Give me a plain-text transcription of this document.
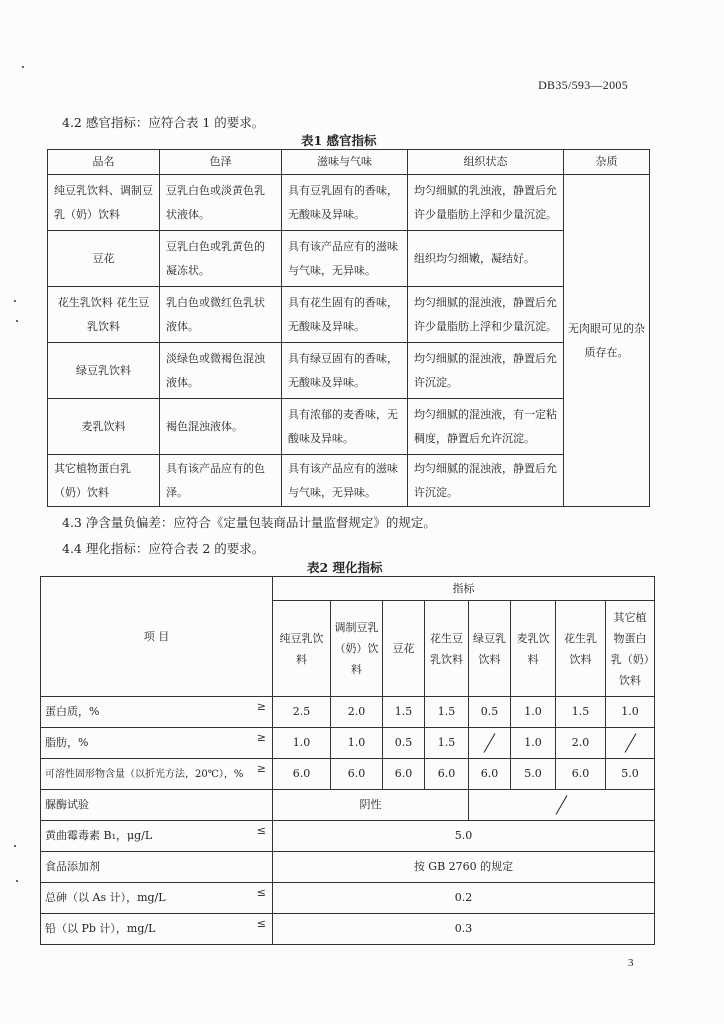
DB35/593—2005
4.2 感官指标：应符合表 1 的要求。
表1 感官指标
品名	色泽	滋味与气味	组织状态	杂质
纯豆乳饮料、调制豆乳（奶）饮料	豆乳白色或淡黄色乳状液体。	具有豆乳固有的香味，无酸味及异味。	均匀细腻的乳浊液，静置后允许少量脂肪上浮和少量沉淀。	无肉眼可见的杂质存在。
豆花	豆乳白色或乳黄色的凝冻状。	具有该产品应有的滋味与气味，无异味。	组织均匀细嫩，凝结好。	
花生乳饮料 花生豆乳饮料	乳白色或微红色乳状液体。	具有花生固有的香味，无酸味及异味。	均匀细腻的混浊液，静置后允许少量脂肪上浮和少量沉淀。	
绿豆乳饮料	淡绿色或微褐色混浊液体。	具有绿豆固有的香味，无酸味及异味。	均匀细腻的混浊液，静置后允许沉淀。	
麦乳饮料	褐色混浊液体。	具有浓郁的麦香味，无酸味及异味。	均匀细腻的混浊液，有一定粘稠度，静置后允许沉淀。	
其它植物蛋白乳（奶）饮料	具有该产品应有的色泽。	具有该产品应有的滋味与气味，无异味。	均匀细腻的混浊液，静置后允许沉淀。	
4.3 净含量负偏差：应符合《定量包装商品计量监督规定》的规定。
4.4 理化指标：应符合表 2 的要求。
表2 理化指标
项 目	指标							
	纯豆乳饮料	调制豆乳（奶）饮料	豆花	花生豆乳饮料	绿豆乳饮料	麦乳饮料	花生乳饮料	其它植物蛋白乳（奶）饮料
蛋白质，% ≥	2.5	2.0	1.5	1.5	0.5	1.0	1.5	1.0
脂肪，% ≥	1.0	1.0	0.5	1.5		1.0	2.0	
可溶性固形物含量（以折光方法，20℃），% ≥	6.0	6.0	6.0	6.0	6.0	5.0	6.0	5.0
脲酶试验	阴性							
黄曲霉毒素 B₁，μg/L ≤	5.0							
食品添加剂	按 GB 2760 的规定							
总砷（以 As 计），mg/L ≤	0.2							
铅（以 Pb 计），mg/L ≤	0.3							
3
